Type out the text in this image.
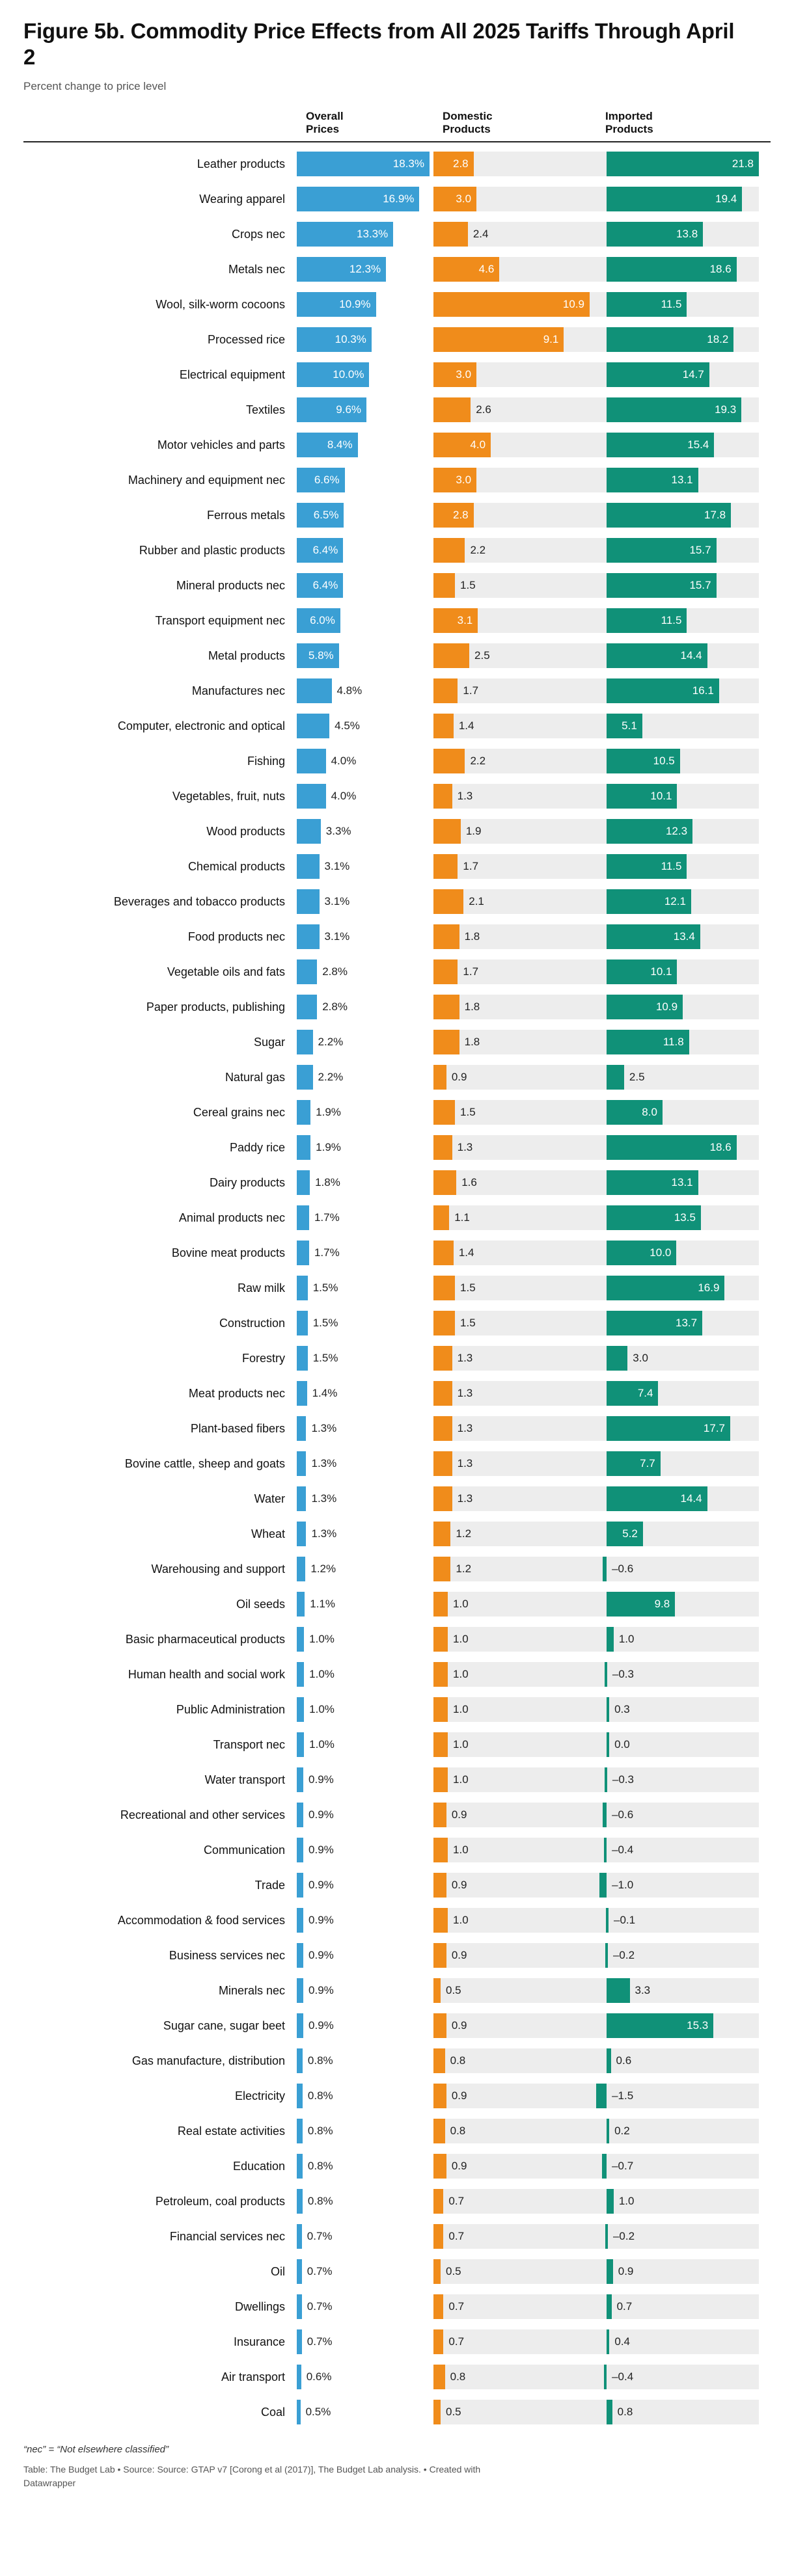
Figure 5b. Commodity Price Effects from All 2025 Tariffs Through April 2
Percent change to price level
Overall
Prices
Domestic
Products
Imported
Products
Leather products	18.3%	2.8	21.8
Wearing apparel	16.9%	3.0	19.4
Crops nec	13.3%	2.4	13.8
Metals nec	12.3%	4.6	18.6
Wool, silk-worm cocoons	10.9%	10.9	11.5
Processed rice	10.3%	9.1	18.2
Electrical equipment	10.0%	3.0	14.7
Textiles	9.6%	2.6	19.3
Motor vehicles and parts	8.4%	4.0	15.4
Machinery and equipment nec	6.6%	3.0	13.1
Ferrous metals	6.5%	2.8	17.8
Rubber and plastic products	6.4%	2.2	15.7
Mineral products nec	6.4%	1.5	15.7
Transport equipment nec	6.0%	3.1	11.5
Metal products	5.8%	2.5	14.4
Manufactures nec	4.8%	1.7	16.1
Computer, electronic and optical	4.5%	1.4	5.1
Fishing	4.0%	2.2	10.5
Vegetables, fruit, nuts	4.0%	1.3	10.1
Wood products	3.3%	1.9	12.3
Chemical products	3.1%	1.7	11.5
Beverages and tobacco products	3.1%	2.1	12.1
Food products nec	3.1%	1.8	13.4
Vegetable oils and fats	2.8%	1.7	10.1
Paper products, publishing	2.8%	1.8	10.9
Sugar	2.2%	1.8	11.8
Natural gas	2.2%	0.9	2.5
Cereal grains nec	1.9%	1.5	8.0
Paddy rice	1.9%	1.3	18.6
Dairy products	1.8%	1.6	13.1
Animal products nec	1.7%	1.1	13.5
Bovine meat products	1.7%	1.4	10.0
Raw milk	1.5%	1.5	16.9
Construction	1.5%	1.5	13.7
Forestry	1.5%	1.3	3.0
Meat products nec	1.4%	1.3	7.4
Plant-based fibers	1.3%	1.3	17.7
Bovine cattle, sheep and goats	1.3%	1.3	7.7
Water	1.3%	1.3	14.4
Wheat	1.3%	1.2	5.2
Warehousing and support	1.2%	1.2	–0.6
Oil seeds	1.1%	1.0	9.8
Basic pharmaceutical products	1.0%	1.0	1.0
Human health and social work	1.0%	1.0	–0.3
Public Administration	1.0%	1.0	0.3
Transport nec	1.0%	1.0	0.0
Water transport	0.9%	1.0	–0.3
Recreational and other services	0.9%	0.9	–0.6
Communication	0.9%	1.0	–0.4
Trade	0.9%	0.9	–1.0
Accommodation & food services	0.9%	1.0	–0.1
Business services nec	0.9%	0.9	–0.2
Minerals nec	0.9%	0.5	3.3
Sugar cane, sugar beet	0.9%	0.9	15.3
Gas manufacture, distribution	0.8%	0.8	0.6
Electricity	0.8%	0.9	–1.5
Real estate activities	0.8%	0.8	0.2
Education	0.8%	0.9	–0.7
Petroleum, coal products	0.8%	0.7	1.0
Financial services nec	0.7%	0.7	–0.2
Oil	0.7%	0.5	0.9
Dwellings	0.7%	0.7	0.7
Insurance	0.7%	0.7	0.4
Air transport	0.6%	0.8	–0.4
Coal	0.5%	0.5	0.8
“nec” = “Not elsewhere classified”
Table: The Budget Lab • Source: Source: GTAP v7 [Corong et al (2017)], The Budget Lab analysis. • Created with Datawrapper
